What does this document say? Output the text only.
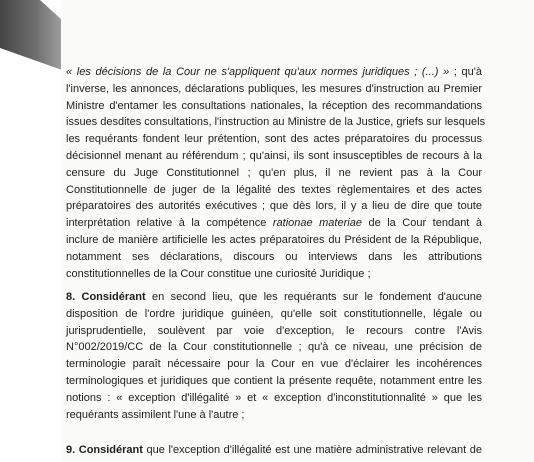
« les décisions de la Cour ne s'appliquent qu'aux normes juridiques ; (...) » ; qu'à
l'inverse, les annonces, déclarations publiques, les mesures d'instruction au Premier
Ministre d'entamer les consultations nationales, la réception des recommandations
issues desdites consultations, l'instruction au Ministre de la Justice, griefs sur lesquels
les requérants fondent leur prétention, sont des actes préparatoires du processus
décisionnel menant au référendum ; qu'ainsi, ils sont insusceptibles de recours à la
censure du Juge Constitutionnel ; qu'en plus, il ne revient pas à la Cour
Constitutionnelle de juger de la légalité des textes règlementaires et des actes
préparatoires des autorités exécutives ; que dès lors, il y a lieu de dire que toute
interprétation relative à la compétence rationae materiae de la Cour tendant à
inclure de manière artificielle les actes préparatoires du Président de la République,
notamment ses déclarations, discours ou interviews dans les attributions
constitutionnelles de la Cour constitue une curiosité Juridique ;
8. Considérant en second lieu, que les requérants sur le fondement d'aucune
disposition de l'ordre juridique guinéen, qu'elle soit constitutionnelle, légale ou
jurisprudentielle, soulèvent par voie d'exception, le recours contre l'Avis
N°002/2019/CC de la Cour constitutionnelle ; qu'à ce niveau, une précision de
terminologie paraît nécessaire pour la Cour en vue d'éclairer les incohérences
terminologiques et juridiques que contient la présente requête, notamment entre les
notions : « exception d'illégalité » et « exception d'inconstitutionnalité » que les
requérants assimilent l'une à l'autre ;
9. Considérant que l'exception d'illégalité est une matière administrative relevant de
